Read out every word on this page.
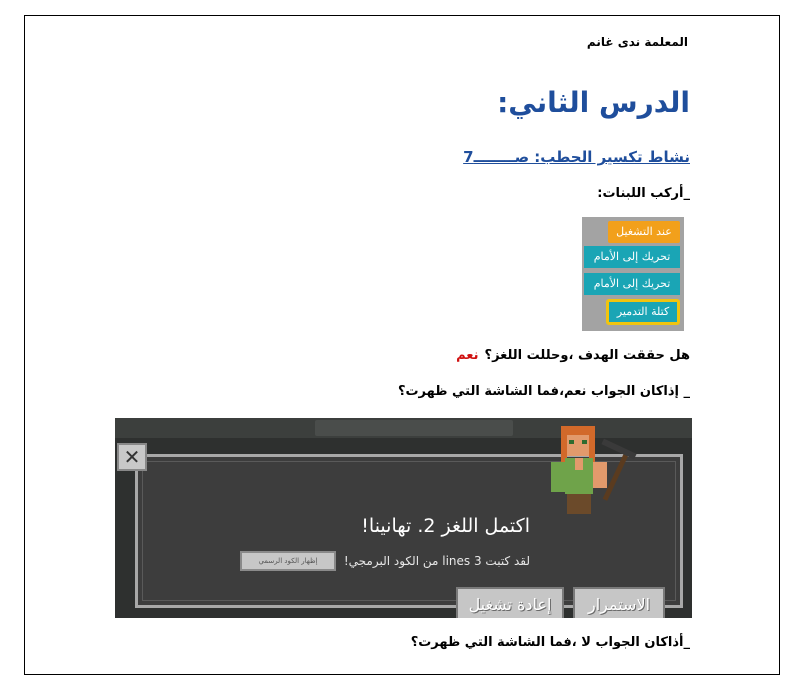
المعلمة ندى غانم
الدرس الثاني:
نشاط تكسير الحطب: صــــــــ7
_أركب اللبنات:
عند التشغيل
تحريك إلى الأمام
تحريك إلى الأمام
كتلة التدمير
هل حققت الهدف ،وحللت اللغز؟نعم
_ إذاكان الجواب نعم،فما الشاشة التي ظهرت؟
اكتمل اللغز 2. تهانينا!
لقد كتبت lines 3 من الكود البرمجي!
إظهار الكود الرسمي
إعادة تشغيل	الاستمرار
✕
_أذاكان الجواب لا ،فما الشاشة التي ظهرت؟
